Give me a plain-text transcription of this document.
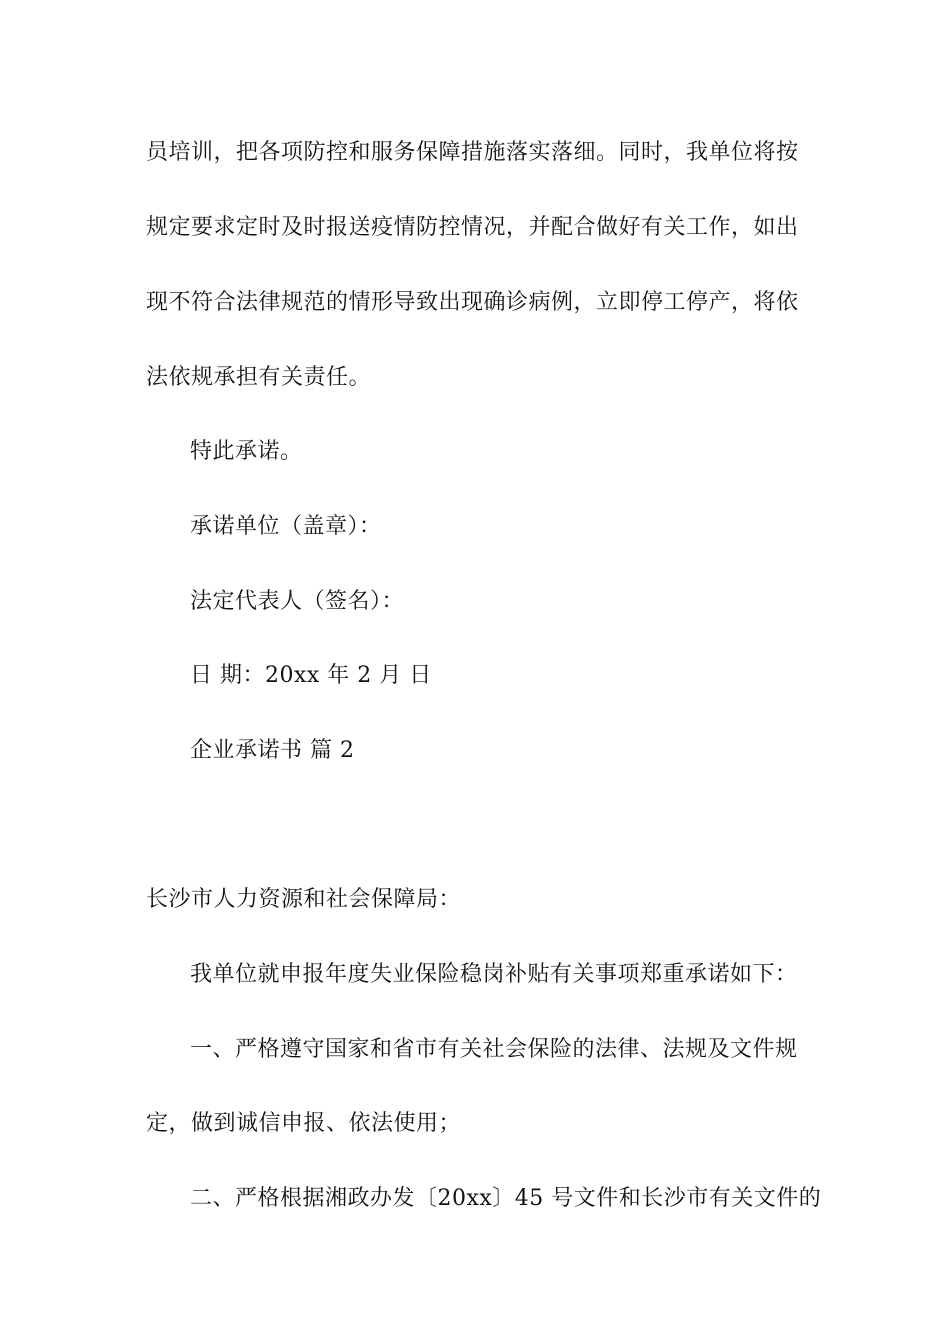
员培训，把各项防控和服务保障措施落实落细。同时，我单位将按
规定要求定时及时报送疫情防控情况，并配合做好有关工作，如出
现不符合法律规范的情形导致出现确诊病例，立即停工停产，将依
法依规承担有关责任。
特此承诺。
承诺单位（盖章）：
法定代表人（签名）：
日 期：20xx 年 2 月 日
企业承诺书 篇 2
长沙市人力资源和社会保障局：
我单位就申报年度失业保险稳岗补贴有关事项郑重承诺如下：
一、严格遵守国家和省市有关社会保险的法律、法规及文件规
定，做到诚信申报、依法使用；
二、严格根据湘政办发〔20xx〕45 号文件和长沙市有关文件的
